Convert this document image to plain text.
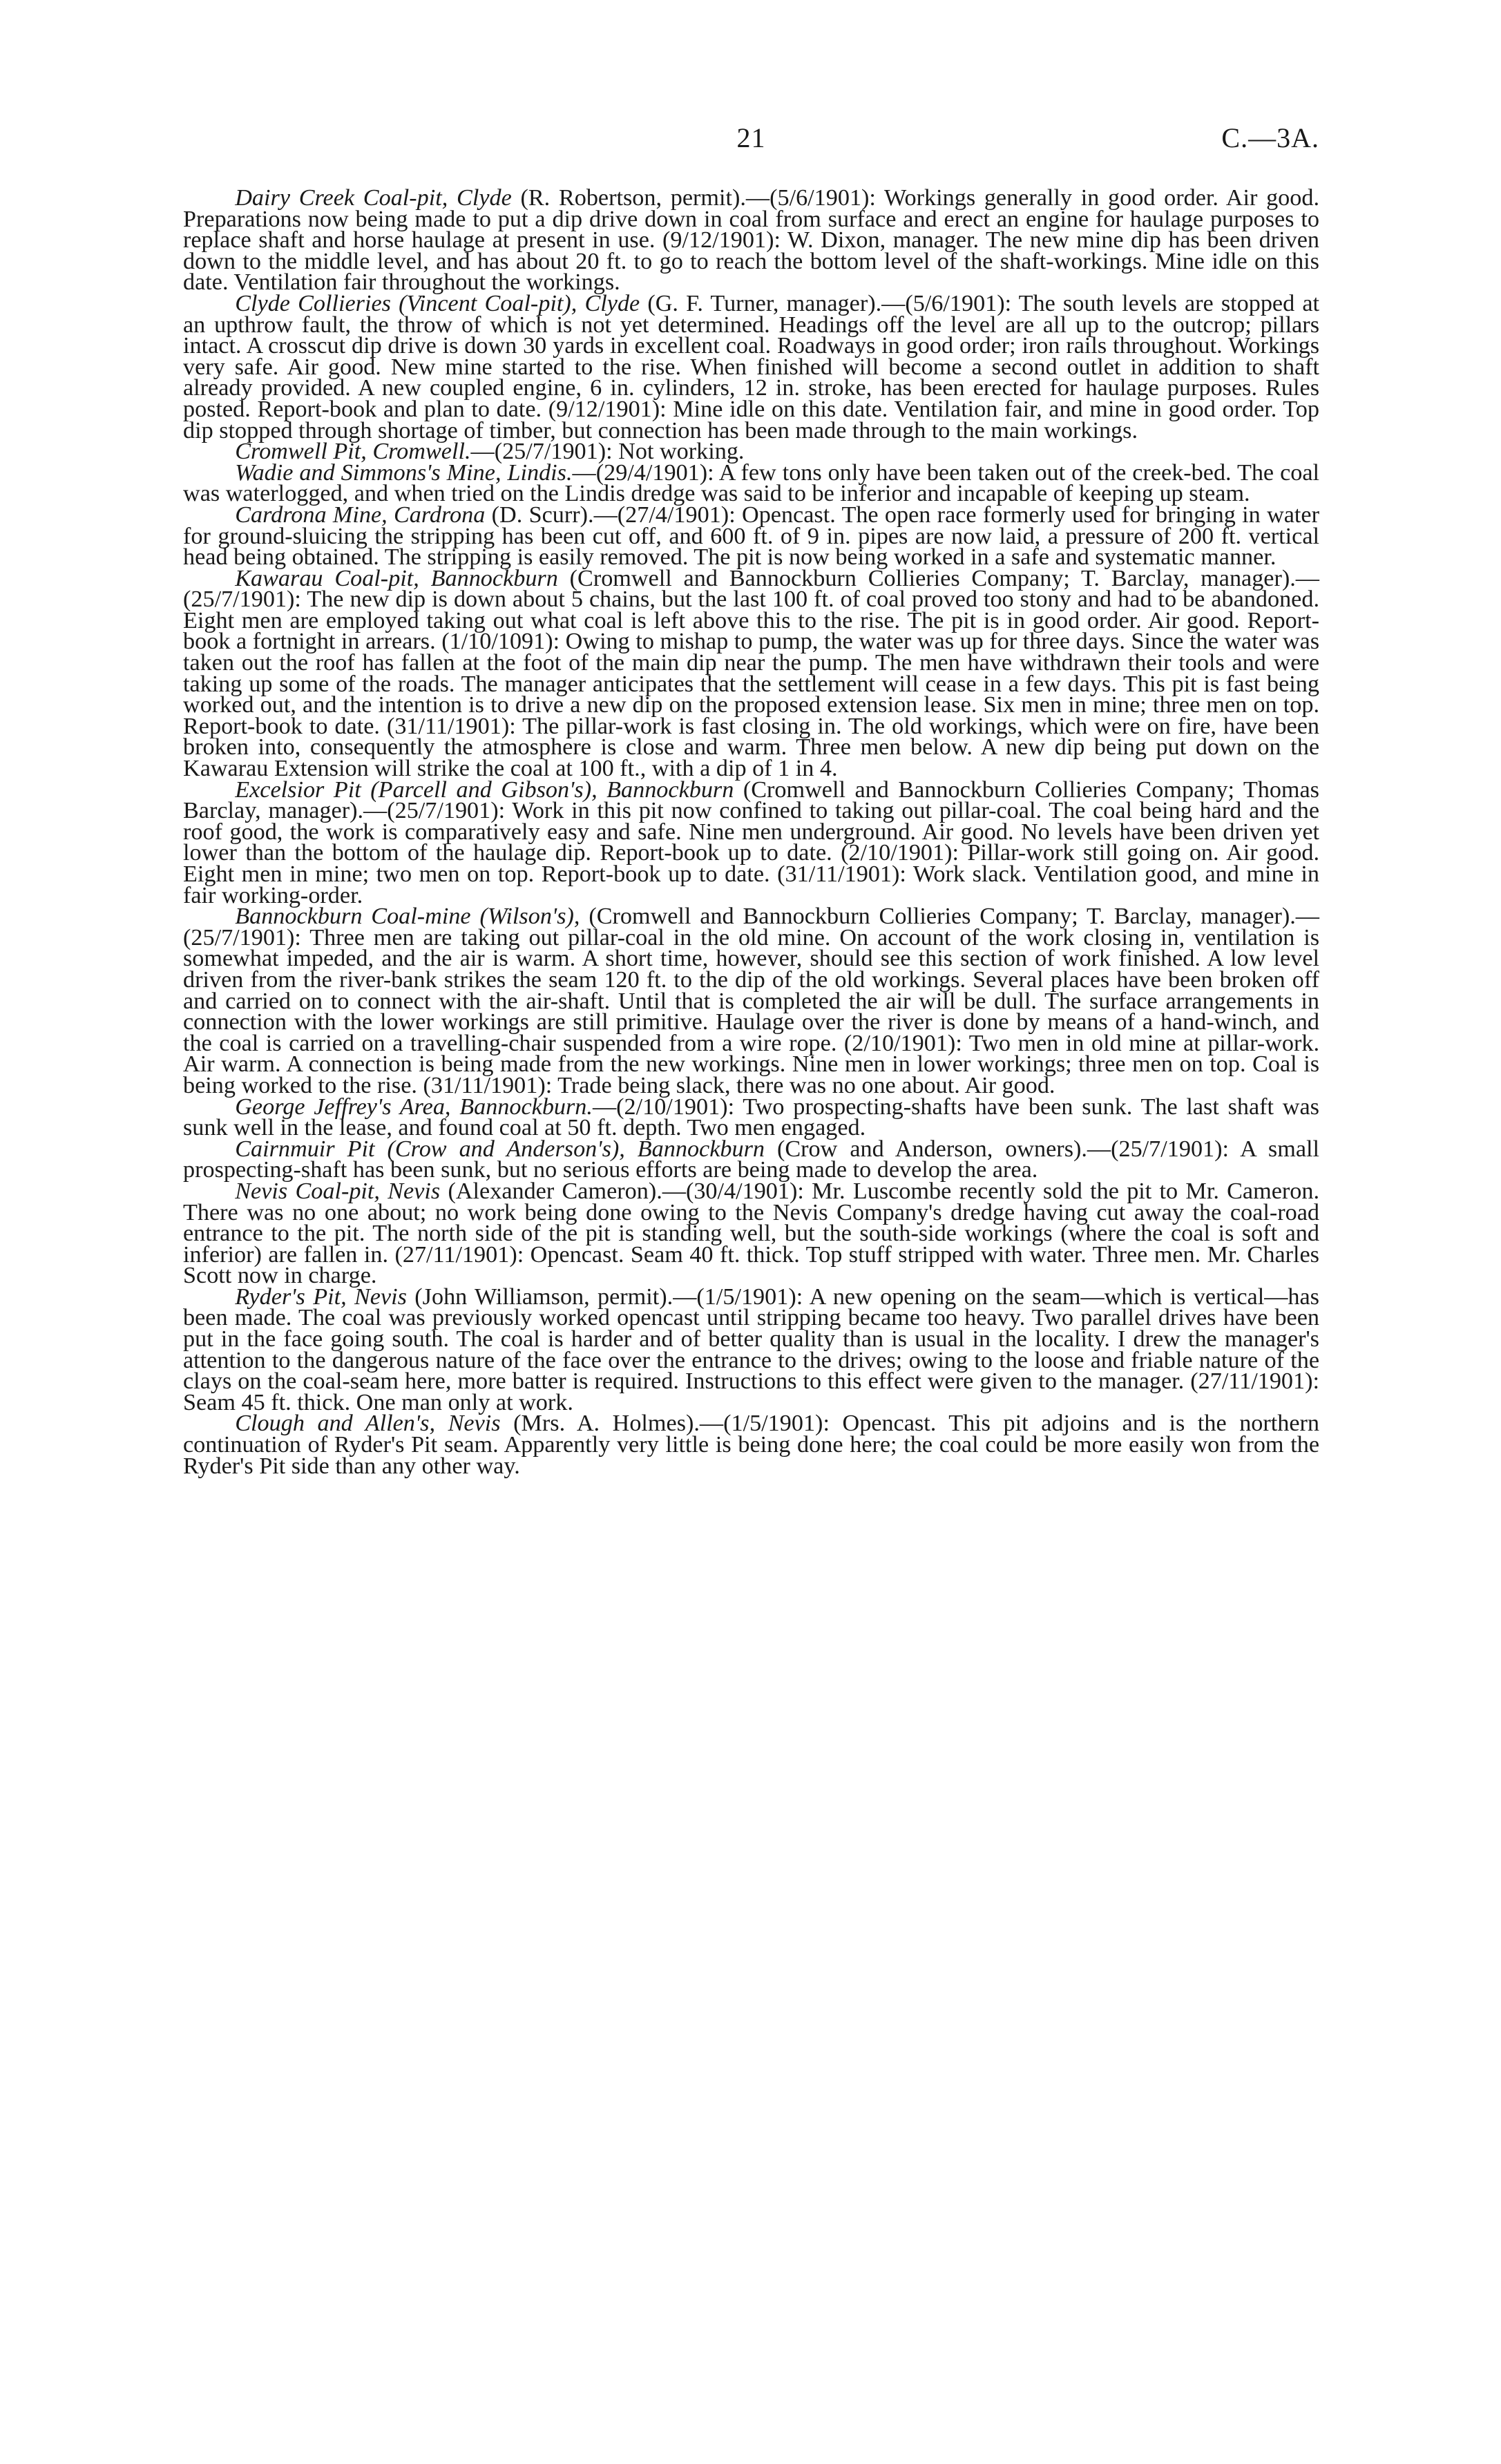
21	C.—3A.

Dairy Creek Coal-pit, Clyde (R. Robertson, permit).—(5/6/1901): Workings generally in good order. Air good. Preparations now being made to put a dip drive down in coal from surface and erect an engine for haulage purposes to replace shaft and horse haulage at present in use. (9/12/1901): W. Dixon, manager. The new mine dip has been driven down to the middle level, and has about 20 ft. to go to reach the bottom level of the shaft-workings. Mine idle on this date. Ventilation fair throughout the workings.

Clyde Collieries (Vincent Coal-pit), Clyde (G. F. Turner, manager).—(5/6/1901): The south levels are stopped at an upthrow fault, the throw of which is not yet determined. Headings off the level are all up to the outcrop; pillars intact. A crosscut dip drive is down 30 yards in excellent coal. Roadways in good order; iron rails throughout. Workings very safe. Air good. New mine started to the rise. When finished will become a second outlet in addition to shaft already provided. A new coupled engine, 6 in. cylinders, 12 in. stroke, has been erected for haulage purposes. Rules posted. Report-book and plan to date. (9/12/1901): Mine idle on this date. Ventilation fair, and mine in good order. Top dip stopped through shortage of timber, but connection has been made through to the main workings.

Cromwell Pit, Cromwell.—(25/7/1901): Not working.

Wadie and Simmons's Mine, Lindis.—(29/4/1901): A few tons only have been taken out of the creek-bed. The coal was waterlogged, and when tried on the Lindis dredge was said to be inferior and incapable of keeping up steam.

Cardrona Mine, Cardrona (D. Scurr).—(27/4/1901): Opencast. The open race formerly used for bringing in water for ground-sluicing the stripping has been cut off, and 600 ft. of 9 in. pipes are now laid, a pressure of 200 ft. vertical head being obtained. The stripping is easily removed. The pit is now being worked in a safe and systematic manner.

Kawarau Coal-pit, Bannockburn (Cromwell and Bannockburn Collieries Company; T. Barclay, manager).—(25/7/1901): The new dip is down about 5 chains, but the last 100 ft. of coal proved too stony and had to be abandoned. Eight men are employed taking out what coal is left above this to the rise. The pit is in good order. Air good. Report-book a fortnight in arrears. (1/10/1091): Owing to mishap to pump, the water was up for three days. Since the water was taken out the roof has fallen at the foot of the main dip near the pump. The men have withdrawn their tools and were taking up some of the roads. The manager anticipates that the settlement will cease in a few days. This pit is fast being worked out, and the intention is to drive a new dip on the proposed extension lease. Six men in mine; three men on top. Report-book to date. (31/11/1901): The pillar-work is fast closing in. The old workings, which were on fire, have been broken into, consequently the atmosphere is close and warm. Three men below. A new dip being put down on the Kawarau Extension will strike the coal at 100 ft., with a dip of 1 in 4.

Excelsior Pit (Parcell and Gibson's), Bannockburn (Cromwell and Bannockburn Collieries Company; Thomas Barclay, manager).—(25/7/1901): Work in this pit now confined to taking out pillar-coal. The coal being hard and the roof good, the work is comparatively easy and safe. Nine men underground. Air good. No levels have been driven yet lower than the bottom of the haulage dip. Report-book up to date. (2/10/1901): Pillar-work still going on. Air good. Eight men in mine; two men on top. Report-book up to date. (31/11/1901): Work slack. Ventilation good, and mine in fair working-order.

Bannockburn Coal-mine (Wilson's), (Cromwell and Bannockburn Collieries Company; T. Barclay, manager).—(25/7/1901): Three men are taking out pillar-coal in the old mine. On account of the work closing in, ventilation is somewhat impeded, and the air is warm. A short time, however, should see this section of work finished. A low level driven from the river-bank strikes the seam 120 ft. to the dip of the old workings. Several places have been broken off and carried on to connect with the air-shaft. Until that is completed the air will be dull. The surface arrangements in connection with the lower workings are still primitive. Haulage over the river is done by means of a hand-winch, and the coal is carried on a travelling-chair suspended from a wire rope. (2/10/1901): Two men in old mine at pillar-work. Air warm. A connection is being made from the new workings. Nine men in lower workings; three men on top. Coal is being worked to the rise. (31/11/1901): Trade being slack, there was no one about. Air good.

George Jeffrey's Area, Bannockburn.—(2/10/1901): Two prospecting-shafts have been sunk. The last shaft was sunk well in the lease, and found coal at 50 ft. depth. Two men engaged.

Cairnmuir Pit (Crow and Anderson's), Bannockburn (Crow and Anderson, owners).—(25/7/1901): A small prospecting-shaft has been sunk, but no serious efforts are being made to develop the area.

Nevis Coal-pit, Nevis (Alexander Cameron).—(30/4/1901): Mr. Luscombe recently sold the pit to Mr. Cameron. There was no one about; no work being done owing to the Nevis Company's dredge having cut away the coal-road entrance to the pit. The north side of the pit is standing well, but the south-side workings (where the coal is soft and inferior) are fallen in. (27/11/1901): Opencast. Seam 40 ft. thick. Top stuff stripped with water. Three men. Mr. Charles Scott now in charge.

Ryder's Pit, Nevis (John Williamson, permit).—(1/5/1901): A new opening on the seam—which is vertical—has been made. The coal was previously worked opencast until stripping became too heavy. Two parallel drives have been put in the face going south. The coal is harder and of better quality than is usual in the locality. I drew the manager's attention to the dangerous nature of the face over the entrance to the drives; owing to the loose and friable nature of the clays on the coal-seam here, more batter is required. Instructions to this effect were given to the manager. (27/11/1901): Seam 45 ft. thick. One man only at work.

Clough and Allen's, Nevis (Mrs. A. Holmes).—(1/5/1901): Opencast. This pit adjoins and is the northern continuation of Ryder's Pit seam. Apparently very little is being done here; the coal could be more easily won from the Ryder's Pit side than any other way.
